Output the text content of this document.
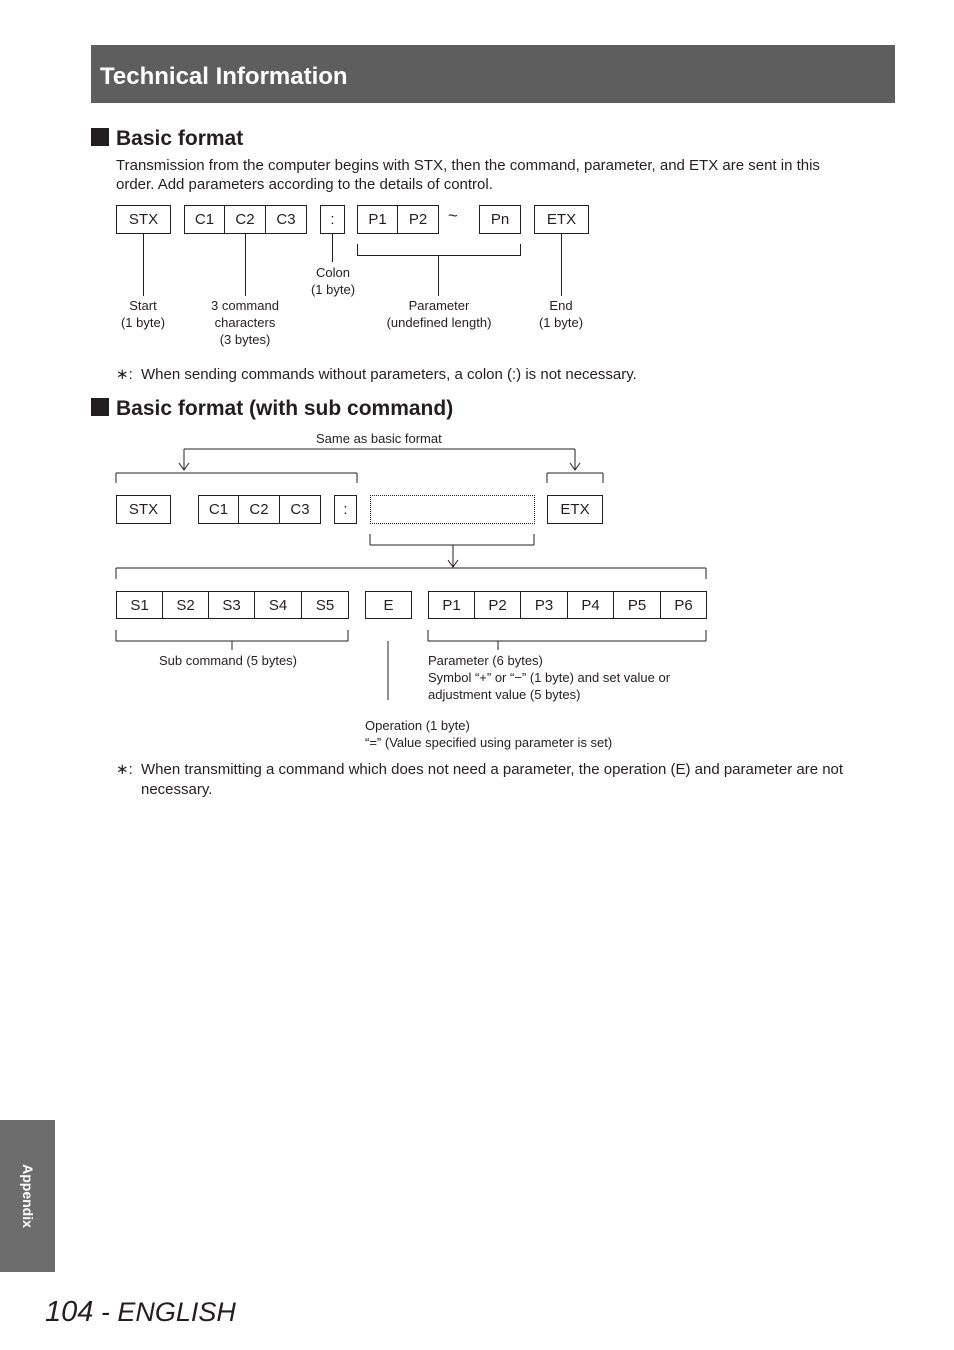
Technical Information
Basic format
Transmission from the computer begins with STX, then the command, parameter, and ETX are sent in this
order. Add parameters according to the details of control.
STX	C1	C2	C3	:	P1	P2	~	Pn	ETX
Start
(1 byte)
3 command
characters
(3 bytes)
Colon
(1 byte)
Parameter
(undefined length)
End
(1 byte)
∗: When sending commands without parameters, a colon (:) is not necessary.
Basic format (with sub command)
Same as basic format
STX	C1	C2	C3	:	ETX
S1	S2	S3	S4	S5	E	P1	P2	P3	P4	P5	P6
Sub command (5 bytes)	Parameter (6 bytes)
Symbol “+” or “−” (1 byte) and set value or
adjustment value (5 bytes)
Operation (1 byte)
“=” (Value specified using parameter is set)
∗: When transmitting a command which does not need a parameter, the operation (E) and parameter are not
necessary.
Appendix
104 - ENGLISH
